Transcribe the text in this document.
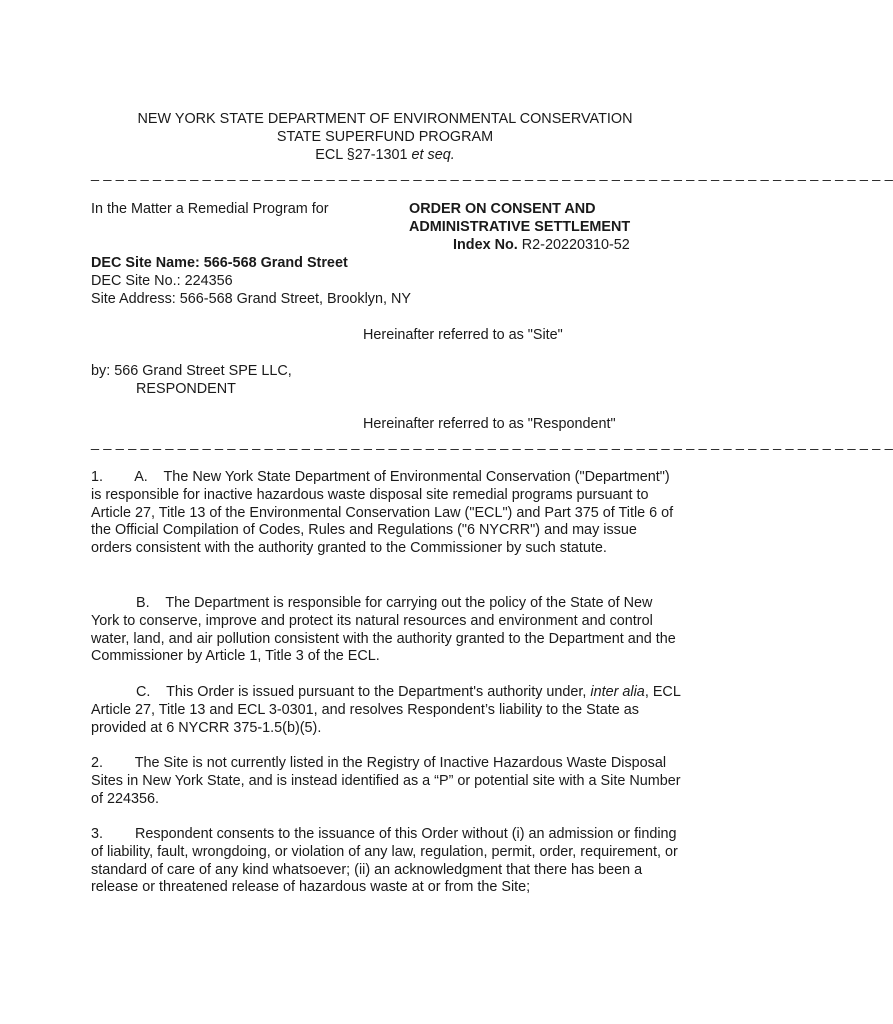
NEW YORK STATE DEPARTMENT OF ENVIRONMENTAL CONSERVATION
STATE SUPERFUND PROGRAM
ECL §27-1301 et seq.
_ _ _ _ _ _ _ _ _ _ _ _ _ _ _ _ _ _ _ _ _ _ _ _ _ _ _ _ _ _ _ _ _ _ _ _ _ _ _ _ _ _ _ _ _ _ _ _ _ _ _ _ _ _ _ _ _ _ _ _ _ _ _ _ _
In the Matter a Remedial Program for	ORDER ON CONSENT AND
ADMINISTRATIVE SETTLEMENT
Index No. R2-20220310-52
DEC Site Name: 566-568 Grand Street
DEC Site No.: 224356
Site Address: 566-568 Grand Street, Brooklyn, NY
Hereinafter referred to as "Site"
by: 566 Grand Street SPE LLC,
RESPONDENT
Hereinafter referred to as "Respondent"
_ _ _ _ _ _ _ _ _ _ _ _ _ _ _ _ _ _ _ _ _ _ _ _ _ _ _ _ _ _ _ _ _ _ _ _ _ _ _ _ _ _ _ _ _ _ _ _ _ _ _ _ _ _ _ _ _ _ _ _ _ _ _ _ _
1.        A.    The New York State Department of Environmental Conservation ("Department") is responsible for inactive hazardous waste disposal site remedial programs pursuant to Article 27, Title 13 of the Environmental Conservation Law ("ECL") and Part 375 of Title 6 of the Official Compilation of Codes, Rules and Regulations ("6 NYCRR") and may issue orders consistent with the authority granted to the Commissioner by such statute.
B.    The Department is responsible for carrying out the policy of the State of New York to conserve, improve and protect its natural resources and environment and control water, land, and air pollution consistent with the authority granted to the Department and the Commissioner by Article 1, Title 3 of the ECL.
C.    This Order is issued pursuant to the Department's authority under, inter alia, ECL Article 27, Title 13 and ECL 3-0301, and resolves Respondent’s liability to the State as provided at 6 NYCRR 375-1.5(b)(5).
2.        The Site is not currently listed in the Registry of Inactive Hazardous Waste Disposal Sites in New York State, and is instead identified as a “P” or potential site with a Site Number of 224356.
3.        Respondent consents to the issuance of this Order without (i) an admission or finding of liability, fault, wrongdoing, or violation of any law, regulation, permit, order, requirement, or standard of care of any kind whatsoever; (ii) an acknowledgment that there has been a release or threatened release of hazardous waste at or from the Site;
